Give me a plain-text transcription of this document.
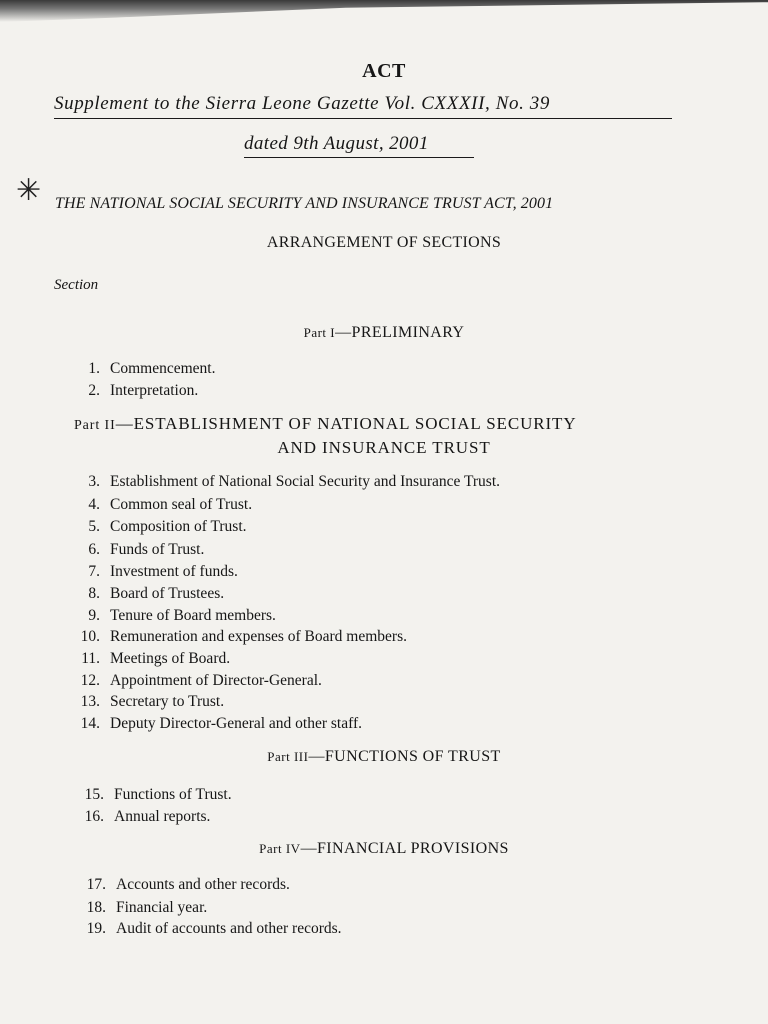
✳
ACT
Supplement to the Sierra Leone Gazette Vol. CXXXII, No. 39
dated 9th August, 2001
THE NATIONAL SOCIAL SECURITY AND INSURANCE TRUST ACT, 2001
ARRANGEMENT OF SECTIONS
Section
Part I—PRELIMINARY
1. Commencement.
2. Interpretation.
Part II—ESTABLISHMENT OF NATIONAL SOCIAL SECURITY
AND INSURANCE TRUST
3. Establishment of National Social Security and Insurance Trust.
4. Common seal of Trust.
5. Composition of Trust.
6. Funds of Trust.
7. Investment of funds.
8. Board of Trustees.
9. Tenure of Board members.
10. Remuneration and expenses of Board members.
11. Meetings of Board.
12. Appointment of Director-General.
13. Secretary to Trust.
14. Deputy Director-General and other staff.
Part III—FUNCTIONS OF TRUST
15. Functions of Trust.
16. Annual reports.
Part IV—FINANCIAL PROVISIONS
17. Accounts and other records.
18. Financial year.
19. Audit of accounts and other records.
